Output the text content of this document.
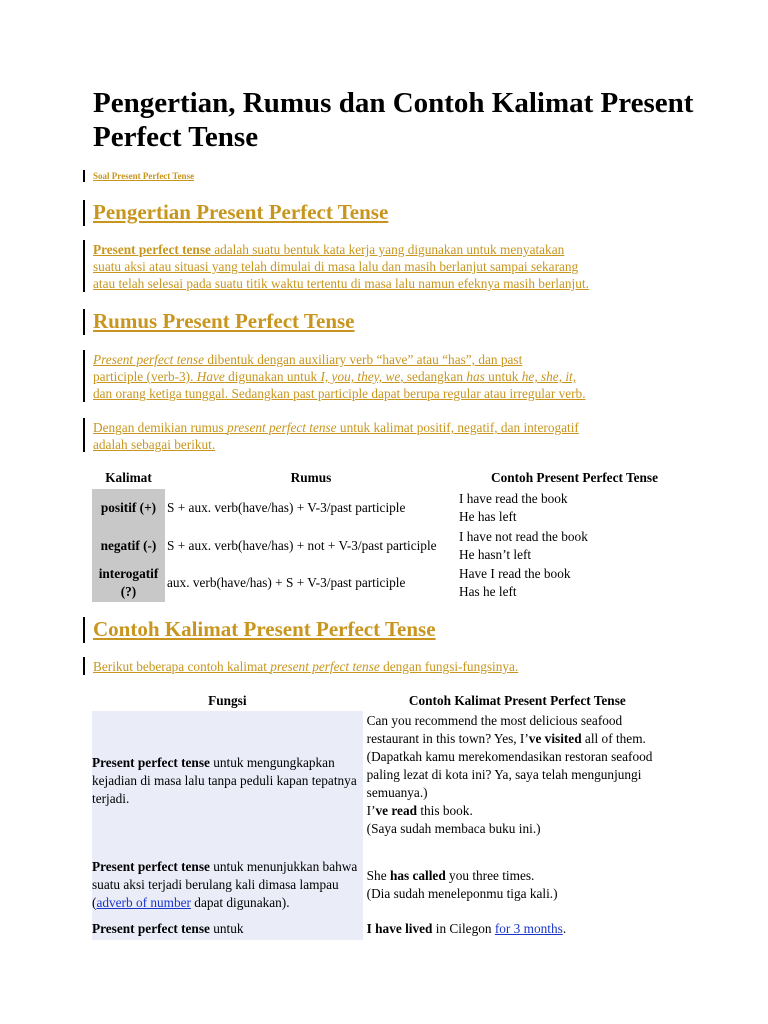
Pengertian, Rumus dan Contoh Kalimat Present Perfect Tense
Soal Present Perfect Tense
Pengertian Present Perfect Tense

Present perfect tense adalah suatu bentuk kata kerja yang digunakan untuk menyatakan
suatu aksi atau situasi yang telah dimulai di masa lalu dan masih berlanjut sampai sekarang
atau telah selesai pada suatu titik waktu tertentu di masa lalu namun efeknya masih berlanjut.

Rumus Present Perfect Tense

Present perfect tense dibentuk dengan auxiliary verb “have” atau “has”, dan past
participle (verb-3). Have digunakan untuk I, you, they, we, sedangkan has untuk he, she, it,
dan orang ketiga tunggal. Sedangkan past participle dapat berupa regular atau irregular verb.

Dengan demikian rumus present perfect tense untuk kalimat positif, negatif, dan interogatif
adalah sebagai berikut.

Kalimat	Rumus	Contoh Present Perfect Tense
positif (+)	S + aux. verb(have/has) + V-3/past participle	I have read the book
He has left
negatif (-)	S + aux. verb(have/has) + not + V-3/past participle	I have not read the book
He hasn’t left
interogatif (?)	aux. verb(have/has) + S + V-3/past participle	Have I read the book
Has he left
Contoh Kalimat Present Perfect Tense

Berikut beberapa contoh kalimat present perfect tense dengan fungsi-fungsinya.

Fungsi	Contoh Kalimat Present Perfect Tense
Present perfect tense untuk mengungkapkan kejadian di masa lalu tanpa peduli kapan tepatnya terjadi.	Can you recommend the most delicious seafood restaurant in this town? Yes, I’ve visited all of them.
(Dapatkah kamu merekomendasikan restoran seafood paling lezat di kota ini? Ya, saya telah mengunjungi semuanya.)
I’ve read this book.
(Saya sudah membaca buku ini.)
Present perfect tense untuk menunjukkan bahwa suatu aksi terjadi berulang kali dimasa lampau (adverb of number dapat digunakan).	She has called you three times.
(Dia sudah meneleponmu tiga kali.)
Present perfect tense untuk	I have lived in Cilegon for 3 months.
